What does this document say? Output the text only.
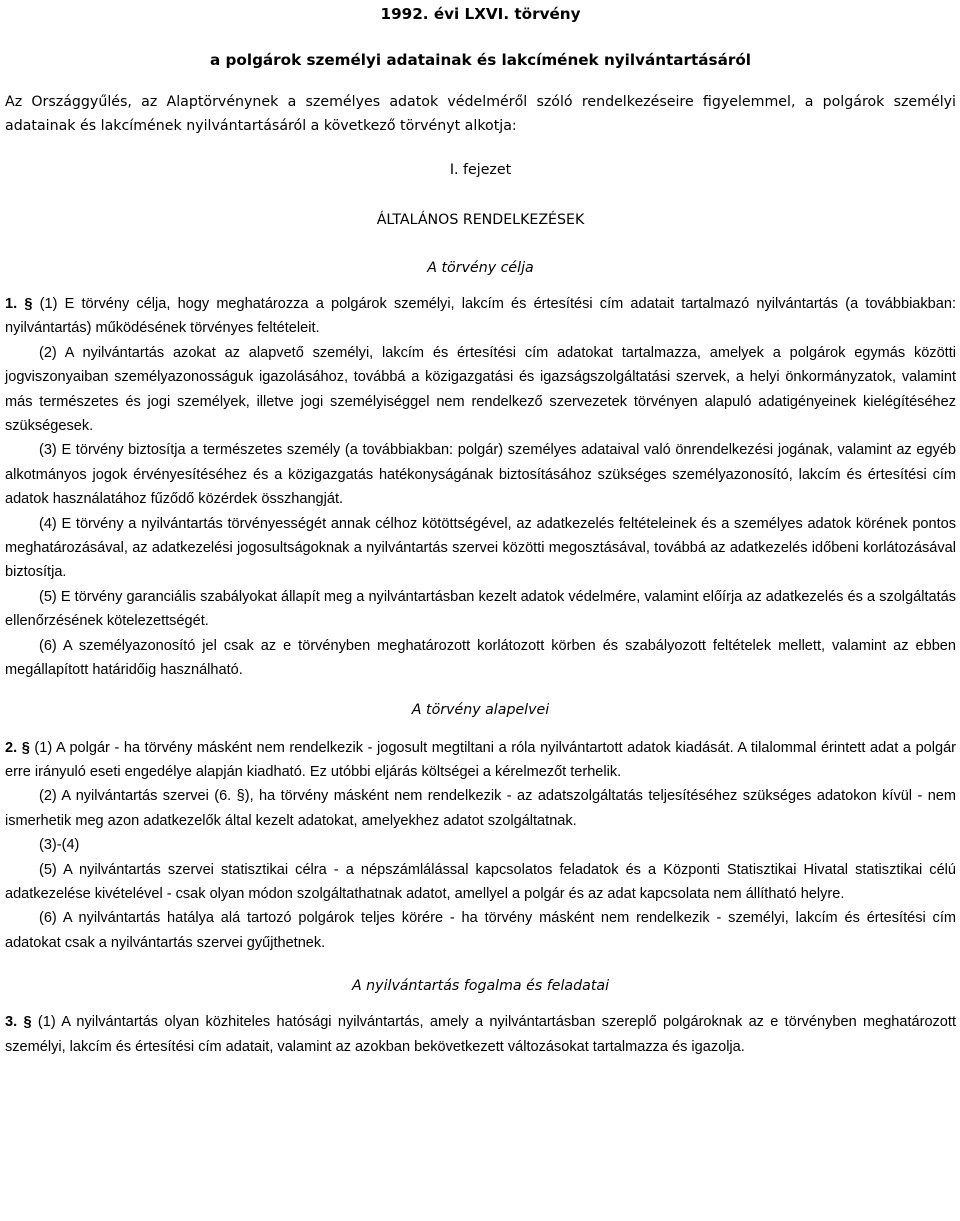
1992. évi LXVI. törvény
a polgárok személyi adatainak és lakcímének nyilvántartásáról

Az Országgyűlés, az Alaptörvénynek a személyes adatok védelméről szóló rendelkezéseire figyelemmel, a polgárok személyi adatainak és lakcímének nyilvántartásáról a következő törvényt alkotja:

I. fejezet
ÁLTALÁNOS RENDELKEZÉSEK
A törvény célja

1. § (1) E törvény célja, hogy meghatározza a polgárok személyi, lakcím és értesítési cím adatait tartalmazó nyilvántartás (a továbbiakban: nyilvántartás) működésének törvényes feltételeit.

(2) A nyilvántartás azokat az alapvető személyi, lakcím és értesítési cím adatokat tartalmazza, amelyek a polgárok egymás közötti jogviszonyaiban személyazonosságuk igazolásához, továbbá a közigazgatási és igazságszolgáltatási szervek, a helyi önkormányzatok, valamint más természetes és jogi személyek, illetve jogi személyiséggel nem rendelkező szervezetek törvényen alapuló adatigényeinek kielégítéséhez szükségesek.

(3) E törvény biztosítja a természetes személy (a továbbiakban: polgár) személyes adataival való önrendelkezési jogának, valamint az egyéb alkotmányos jogok érvényesítéséhez és a közigazgatás hatékonyságának biztosításához szükséges személyazonosító, lakcím és értesítési cím adatok használatához fűződő közérdek összhangját.

(4) E törvény a nyilvántartás törvényességét annak célhoz kötöttségével, az adatkezelés feltételeinek és a személyes adatok körének pontos meghatározásával, az adatkezelési jogosultságoknak a nyilvántartás szervei közötti megosztásával, továbbá az adatkezelés időbeni korlátozásával biztosítja.

(5) E törvény garanciális szabályokat állapít meg a nyilvántartásban kezelt adatok védelmére, valamint előírja az adatkezelés és a szolgáltatás ellenőrzésének kötelezettségét.

(6) A személyazonosító jel csak az e törvényben meghatározott korlátozott körben és szabályozott feltételek mellett, valamint az ebben megállapított határidőig használható.

A törvény alapelvei

2. § (1) A polgár - ha törvény másként nem rendelkezik - jogosult megtiltani a róla nyilvántartott adatok kiadását. A tilalommal érintett adat a polgár erre irányuló eseti engedélye alapján kiadható. Ez utóbbi eljárás költségei a kérelmezőt terhelik.

(2) A nyilvántartás szervei (6. §), ha törvény másként nem rendelkezik - az adatszolgáltatás teljesítéséhez szükséges adatokon kívül - nem ismerhetik meg azon adatkezelők által kezelt adatokat, amelyekhez adatot szolgáltatnak.

(3)-(4)

(5) A nyilvántartás szervei statisztikai célra - a népszámlálással kapcsolatos feladatok és a Központi Statisztikai Hivatal statisztikai célú adatkezelése kivételével - csak olyan módon szolgáltathatnak adatot, amellyel a polgár és az adat kapcsolata nem állítható helyre.

(6) A nyilvántartás hatálya alá tartozó polgárok teljes körére - ha törvény másként nem rendelkezik - személyi, lakcím és értesítési cím adatokat csak a nyilvántartás szervei gyűjthetnek.

A nyilvántartás fogalma és feladatai

3. § (1) A nyilvántartás olyan közhiteles hatósági nyilvántartás, amely a nyilvántartásban szereplő polgároknak az e törvényben meghatározott személyi, lakcím és értesítési cím adatait, valamint az azokban bekövetkezett változásokat tartalmazza és igazolja.
